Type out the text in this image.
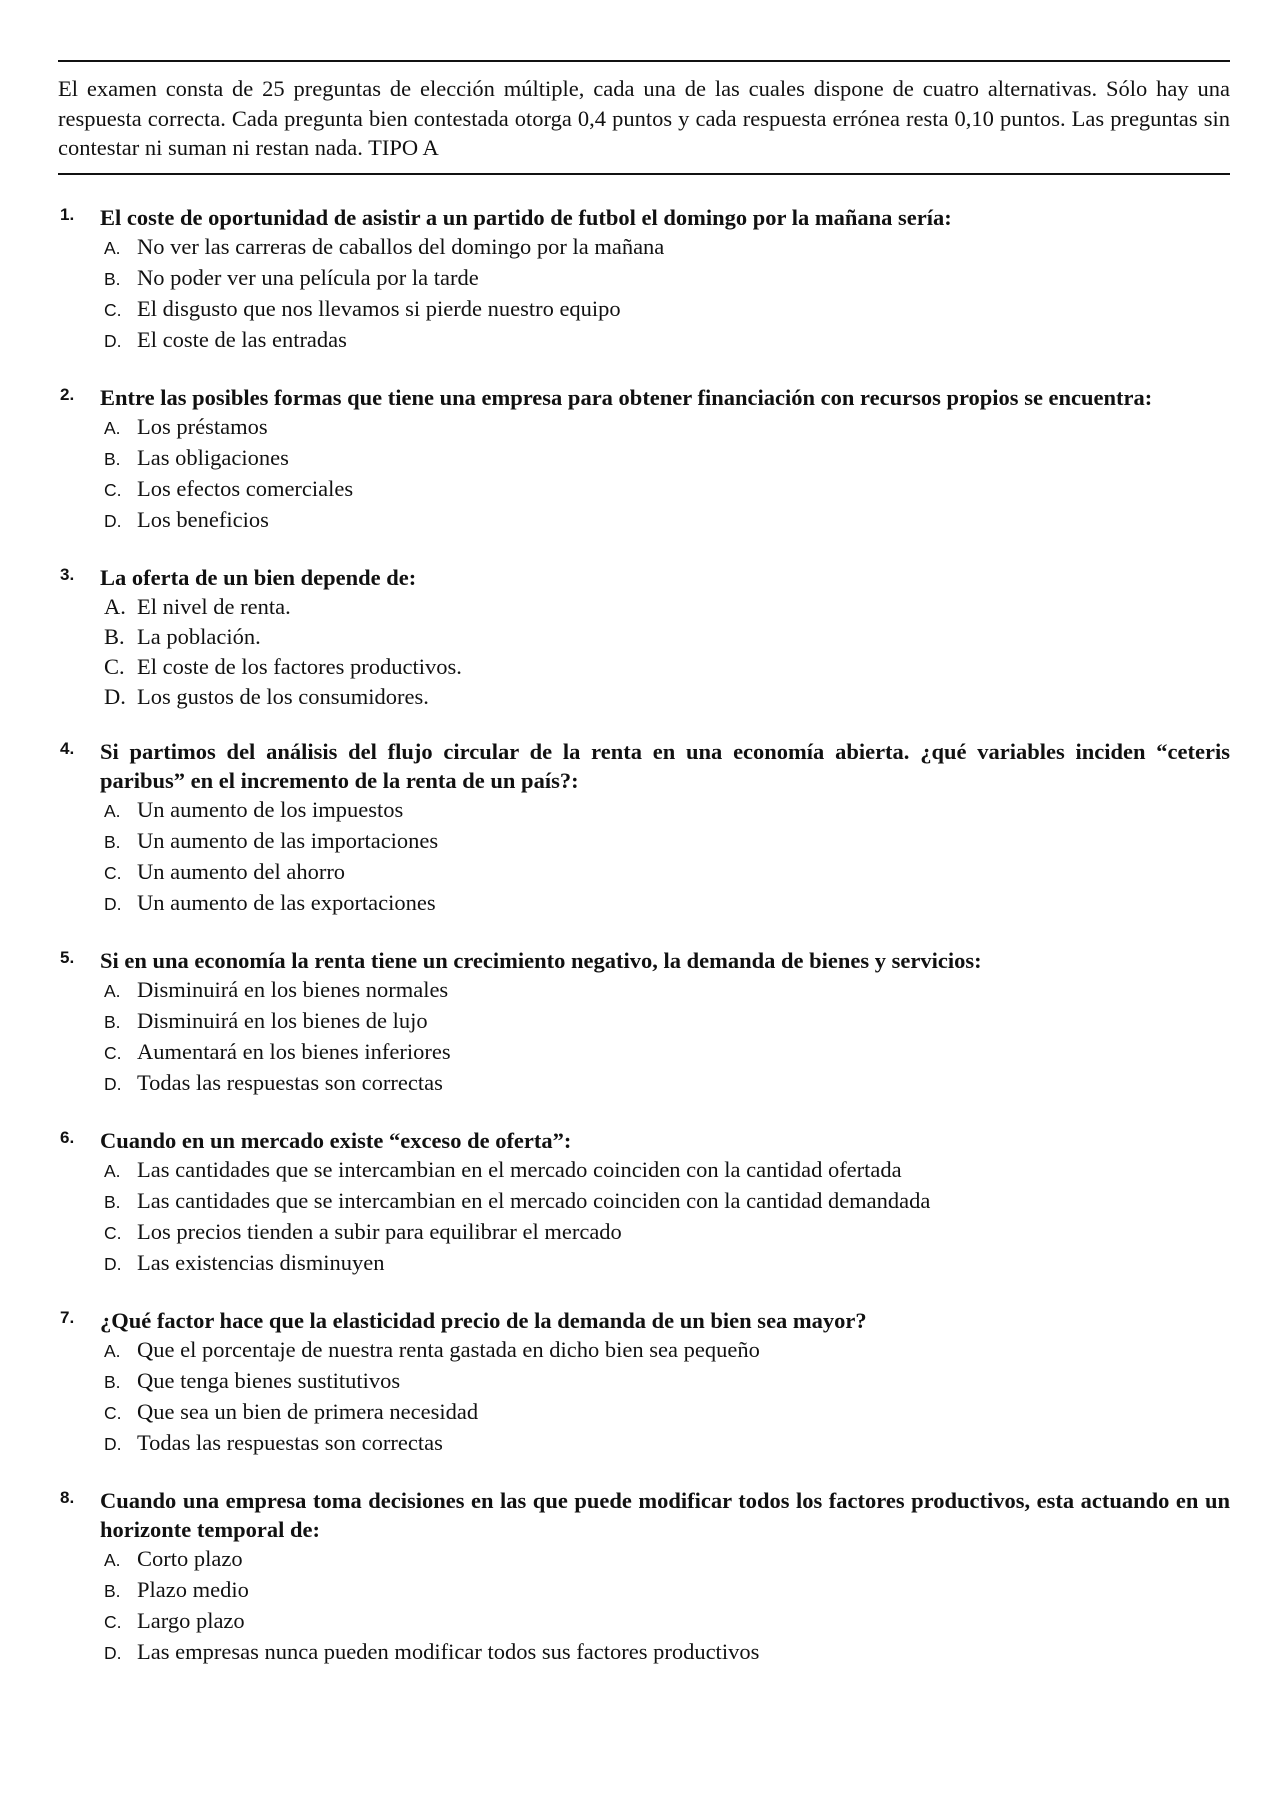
El examen consta de 25 preguntas de elección múltiple, cada una de las cuales dispone de cuatro alternativas. Sólo hay una respuesta correcta. Cada pregunta bien contestada otorga 0,4 puntos y cada respuesta errónea resta 0,10 puntos. Las preguntas sin contestar ni suman ni restan nada. TIPO A
1. El coste de oportunidad de asistir a un partido de futbol el domingo por la mañana sería:
A. No ver las carreras de caballos del domingo por la mañana
B. No poder ver una película por la tarde
C. El disgusto que nos llevamos si pierde nuestro equipo
D. El coste de las entradas
2. Entre las posibles formas que tiene una empresa para obtener financiación con recursos propios se encuentra:
A. Los préstamos
B. Las obligaciones
C. Los efectos comerciales
D. Los beneficios
3. La oferta de un bien depende de:
A. El nivel de renta.
B. La población.
C. El coste de los factores productivos.
D. Los gustos de los consumidores.
4. Si partimos del análisis del flujo circular de la renta en una economía abierta. ¿qué variables inciden “ceteris paribus” en el incremento de la renta de un país?:
A. Un aumento de los impuestos
B. Un aumento de las importaciones
C. Un aumento del ahorro
D. Un aumento de las exportaciones
5. Si en una economía la renta tiene un crecimiento negativo, la demanda de bienes y servicios:
A. Disminuirá en los bienes normales
B. Disminuirá en los bienes de lujo
C. Aumentará en los bienes inferiores
D. Todas las respuestas son correctas
6. Cuando en un mercado existe “exceso de oferta”:
A. Las cantidades que se intercambian en el mercado coinciden con la cantidad ofertada
B. Las cantidades que se intercambian en el mercado coinciden con la cantidad demandada
C. Los precios tienden a subir para equilibrar el mercado
D. Las existencias disminuyen
7. ¿Qué factor hace que la elasticidad precio de la demanda de un bien sea mayor?
A. Que el porcentaje de nuestra renta gastada en dicho bien sea pequeño
B. Que tenga bienes sustitutivos
C. Que sea un bien de primera necesidad
D. Todas las respuestas son correctas
8. Cuando una empresa toma decisiones en las que puede modificar todos los factores productivos, esta actuando en un horizonte temporal de:
A. Corto plazo
B. Plazo medio
C. Largo plazo
D. Las empresas nunca pueden modificar todos sus factores productivos
